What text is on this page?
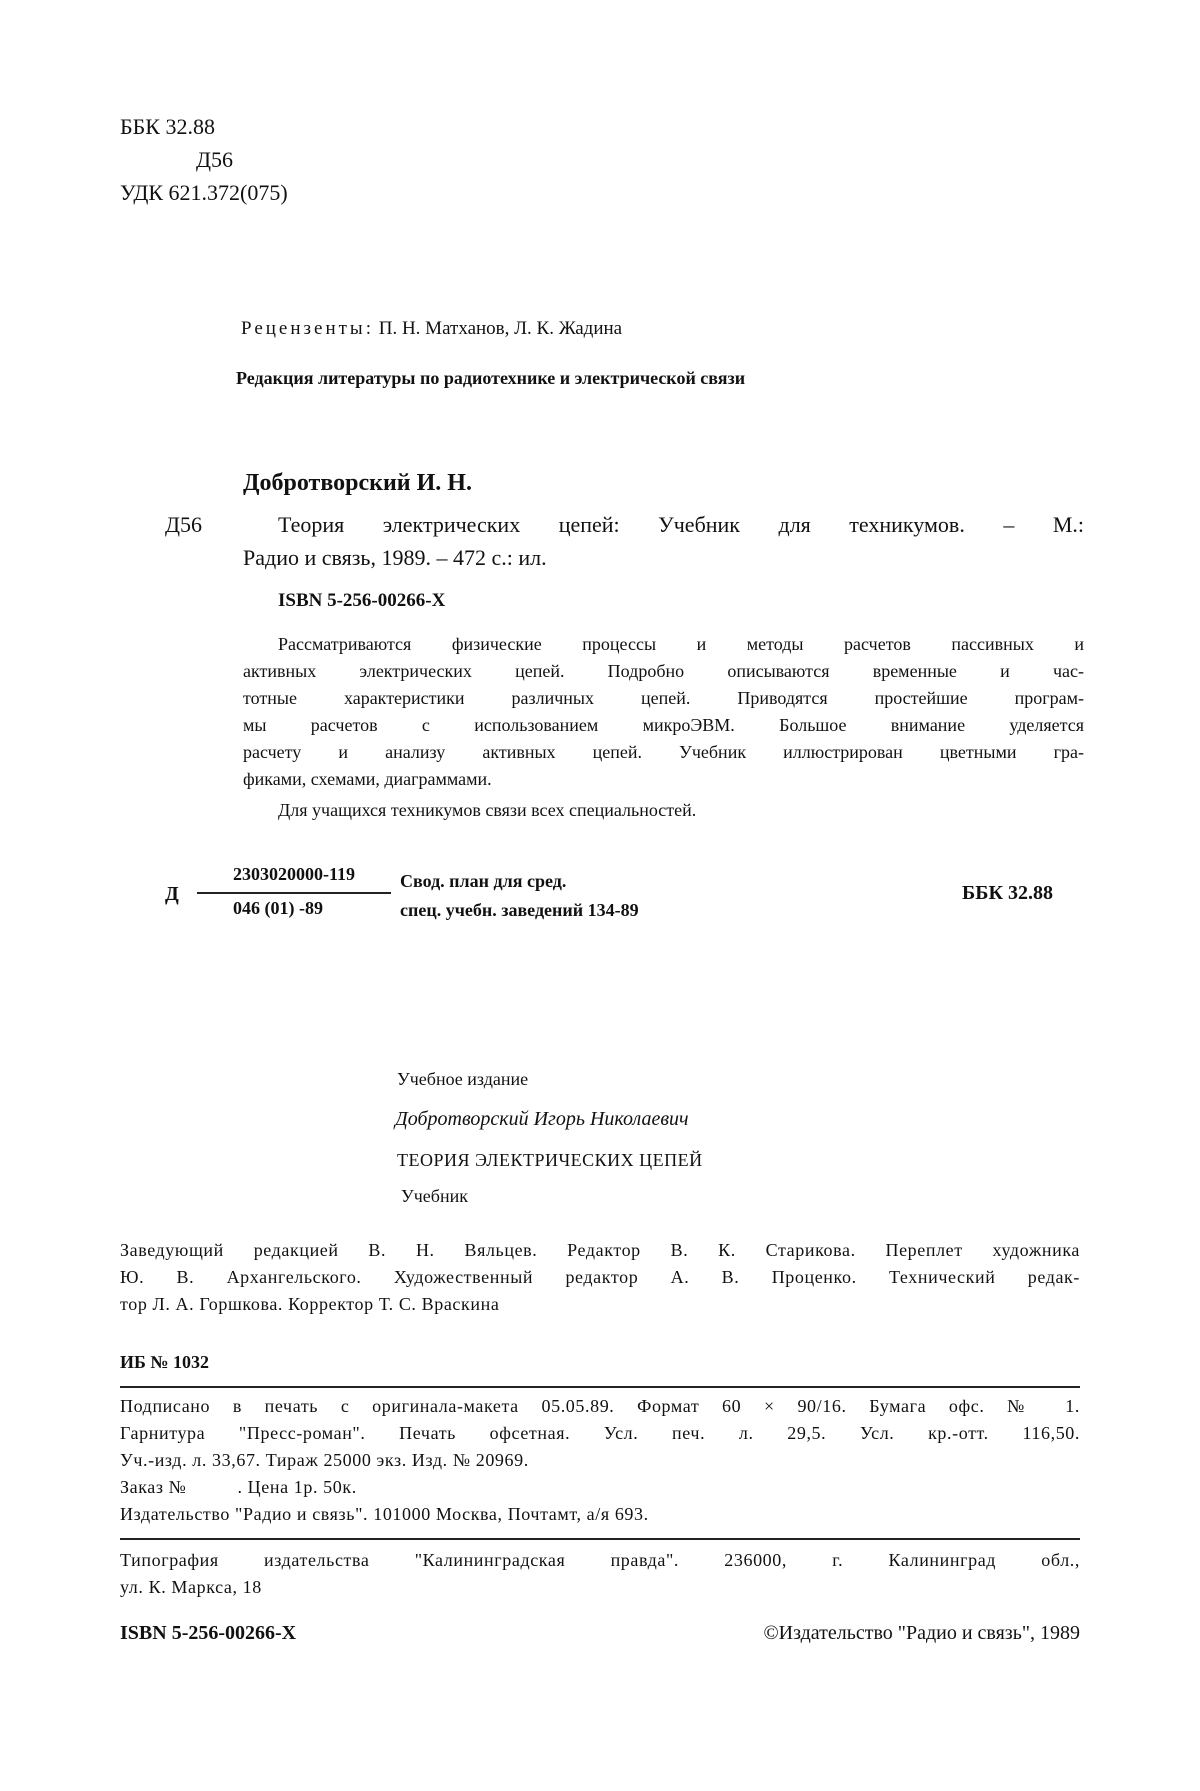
ББК 32.88
Д56
УДК 621.372(075)
Рецензенты: П. Н. Матханов, Л. К. Жадина
Редакция литературы по радиотехнике и электрической связи
Добротворский И. Н.
Д56	Теория электрических цепей: Учебник для техникумов. – М.:
Радио и связь, 1989. – 472 с.: ил.
ISBN 5-256-00266-X
Рассматриваются физические процессы и методы расчетов пассивных и
активных электрических цепей. Подробно описываются временные и час-
тотные характеристики различных цепей. Приводятся простейшие програм-
мы расчетов с использованием микроЭВМ. Большое внимание уделяется
расчету и анализу активных цепей. Учебник иллюстрирован цветными гра-
фиками, схемами, диаграммами.
Для учащихся техникумов связи всех специальностей.
Д
2303020000-119
046 (01) -89
Свод. план для сред.
спец. учебн. заведений 134-89
ББК 32.88
Учебное издание
Добротворский Игорь Николаевич
ТЕОРИЯ ЭЛЕКТРИЧЕСКИХ ЦЕПЕЙ
Учебник
Заведующий редакцией В. Н. Вяльцев. Редактор В. К. Старикова. Переплет художника
Ю. В. Архангельского. Художественный редактор А. В. Проценко. Технический редак-
тор Л. А. Горшкова. Корректор Т. С. Враскина
ИБ № 1032
Подписано в печать с оригинала-макета 05.05.89. Формат 60 × 90/16. Бумага офс. № 1.
Гарнитура "Пресс-роман". Печать офсетная. Усл. печ. л. 29,5. Усл. кр.-отт. 116,50.
Уч.-изд. л. 33,67. Тираж 25000 экз. Изд. № 20969.
Заказ №          . Цена 1р. 50к.
Издательство "Радио и связь". 101000 Москва, Почтамт, а/я 693.
Типография издательства "Калининградская правда". 236000, г. Калининград обл.,
ул. К. Маркса, 18
ISBN 5-256-00266-X	©Издательство "Радио и связь", 1989
